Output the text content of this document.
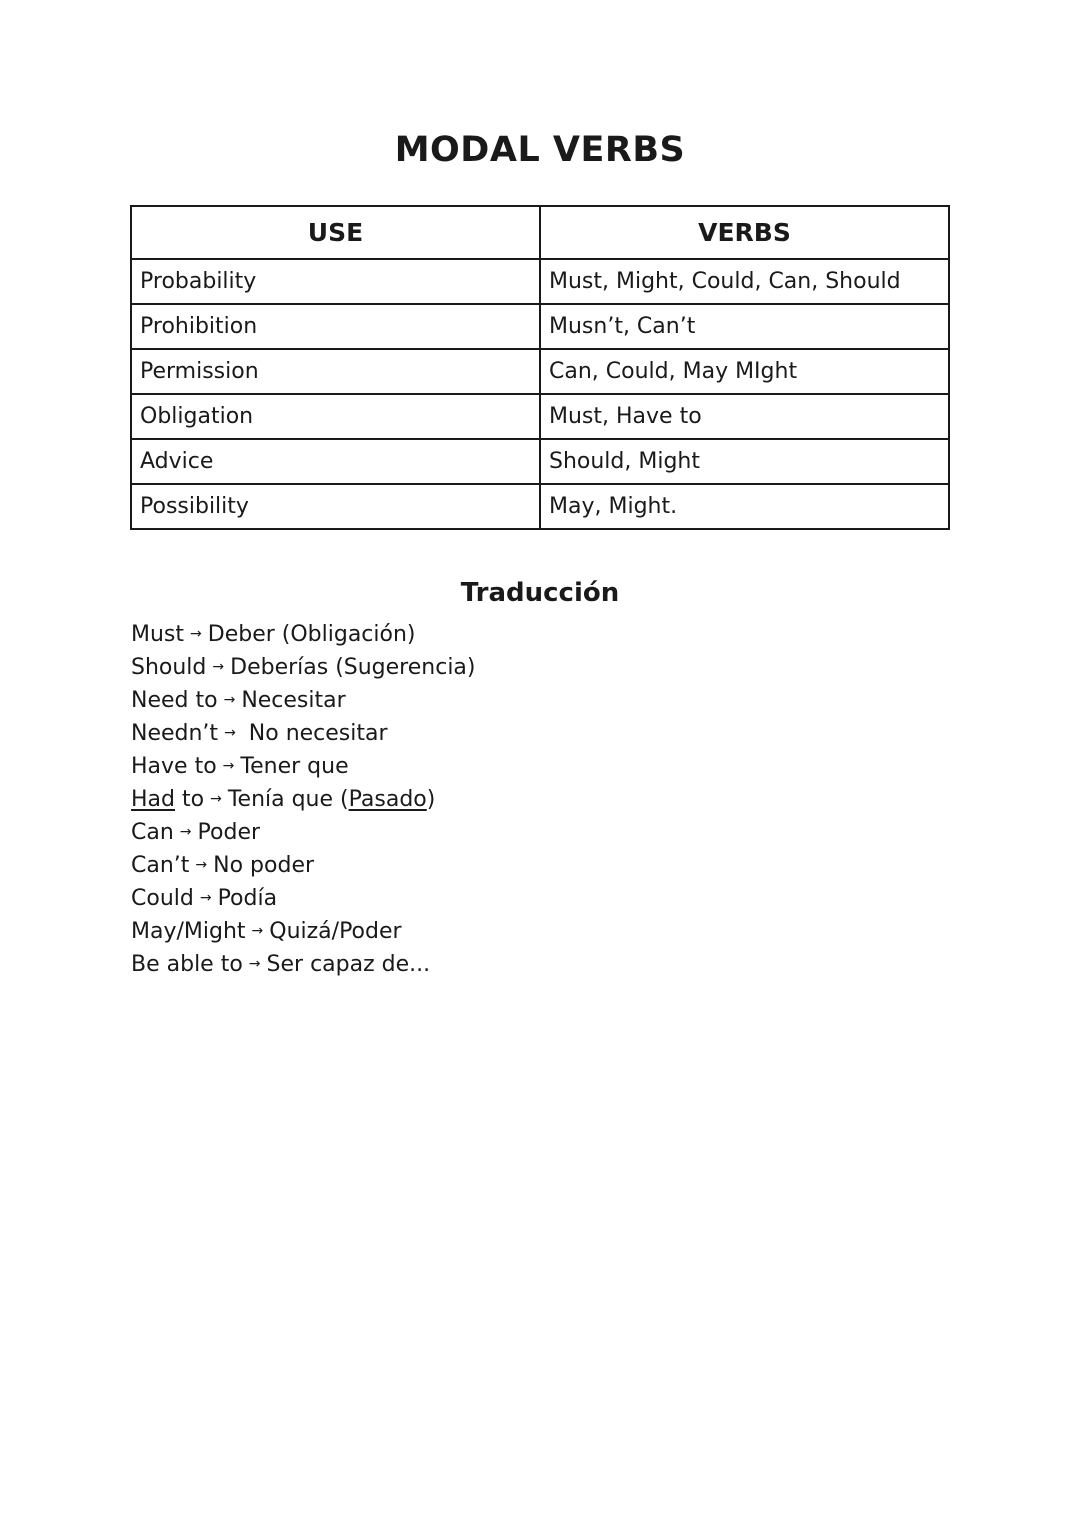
MODAL VERBS
USE	VERBS
Probability	Must, Might, Could, Can, Should
Prohibition	Musn’t, Can’t
Permission	Can, Could, May MIght
Obligation	Must, Have to
Advice	Should, Might
Possibility	May, Might.
Traducción
Must → Deber (Obligación)
Should → Deberías (Sugerencia)
Need to → Necesitar
Needn’t → No necesitar
Have to → Tener que
Had to → Tenía que (Pasado)
Can → Poder
Can’t → No poder
Could → Podía
May/Might → Quizá/Poder
Be able to → Ser capaz de...
